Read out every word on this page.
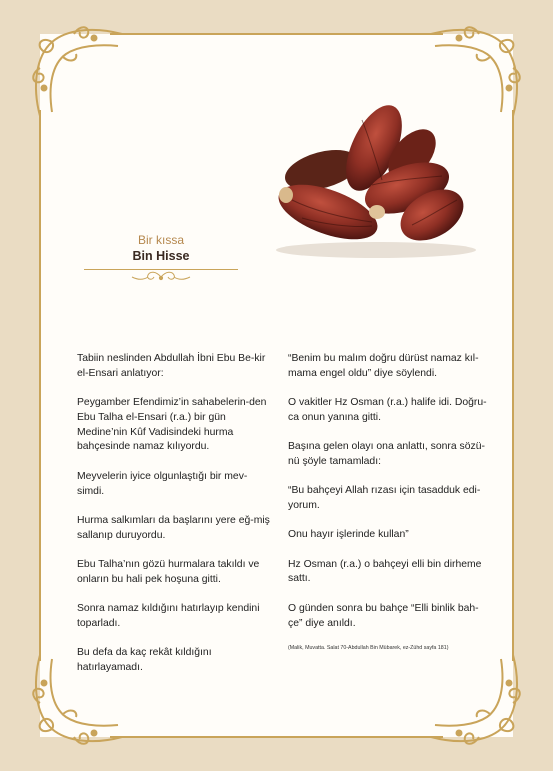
Bir kıssa
Bin Hisse

Tabiin neslinden Abdullah İbni Ebu Be-kir el-Ensari anlatıyor:

Peygamber Efendimiz’in sahabelerin-den Ebu Talha el-Ensari (r.a.) bir gün Medine’nin Kûf Vadisindeki hurma bahçesinde namaz kılıyordu.

Meyvelerin iyice olgunlaştığı bir mev-simdi.

Hurma salkımları da başlarını yere eğ-miş sallanıp duruyordu.

Ebu Talha’nın gözü hurmalara takıldı ve onların bu hali pek hoşuna gitti.

Sonra namaz kıldığını hatırlayıp kendini toparladı.

Bu defa da kaç rekât kıldığını hatırlayamadı.

“Benim bu malım doğru dürüst namaz kıl-mama engel oldu” diye söylendi.

O vakitler Hz Osman (r.a.) halife idi. Doğru-ca onun yanına gitti.

Başına gelen olayı ona anlattı, sonra sözü-nü şöyle tamamladı:

“Bu bahçeyi Allah rızası için tasadduk edi-yorum.

Onu hayır işlerinde kullan”

Hz Osman (r.a.) o bahçeyi elli bin dirheme sattı.

O günden sonra bu bahçe “Elli binlik bah-çe” diye anıldı.

(Malik, Muvatta. Salat 70-Abdullah Bin Mübarek, ez-Zühd sayfa 181)
